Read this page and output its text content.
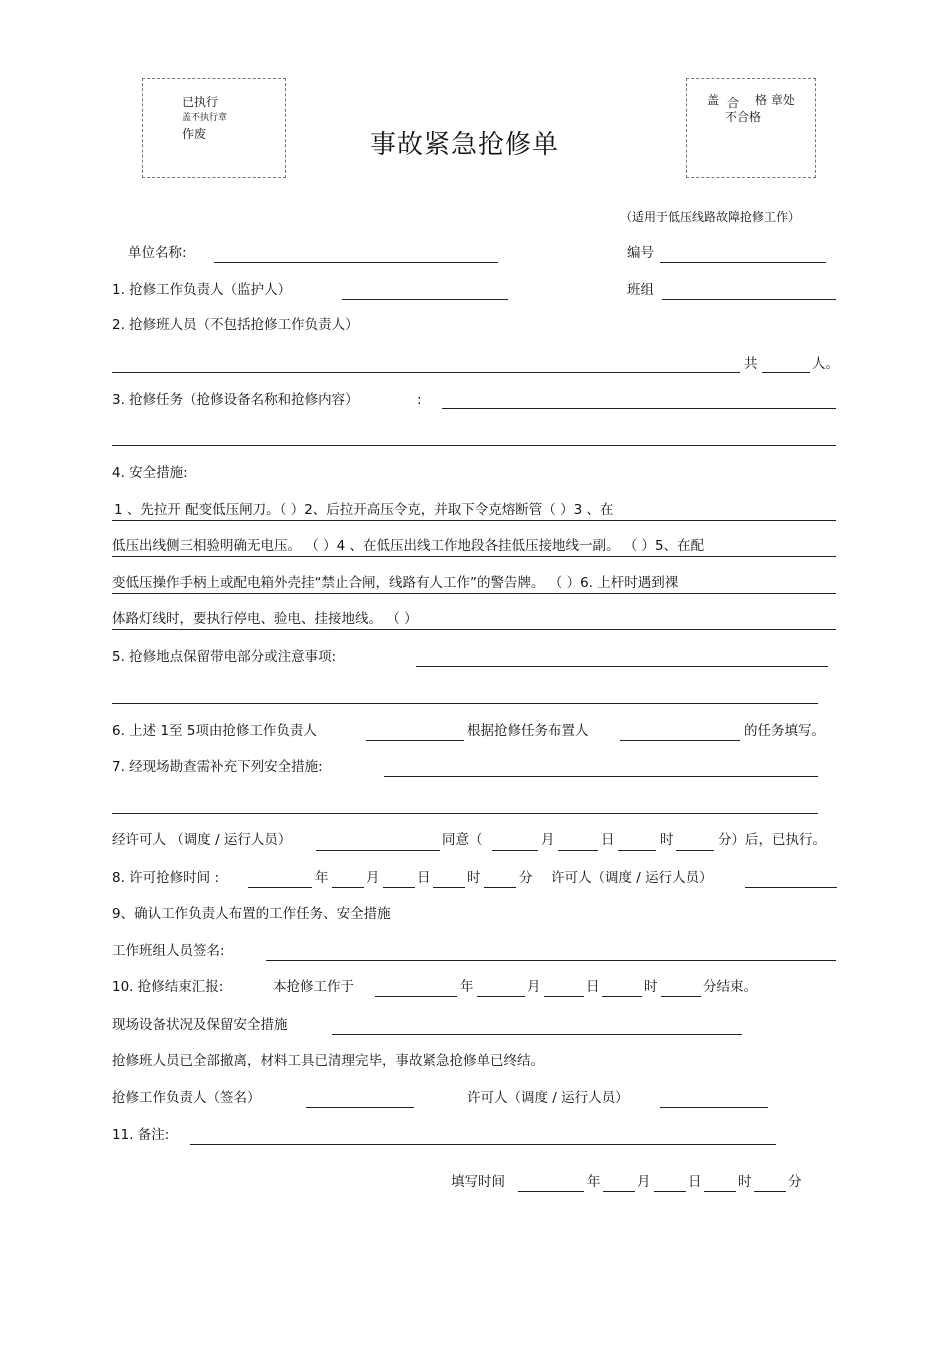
已执行
盖不执行章
作废
盖 合 格 章处
不合格
事故紧急抢修单
（适用于低压线路故障抢修工作）
单位名称:	编号
1. 抢修工作负责人（监护人）	班组
2. 抢修班人员（不包括抢修工作负责人）
共	人。
3. 抢修任务（抢修设备名称和抢修内容）	:
4. 安全措施:
1 、先拉开 配变低压闸刀。（ ）2、后拉开高压令克，并取下令克熔断管（ ）3 、在
低压出线侧三相验明确无电压。 （ ）4 、在低压出线工作地段各挂低压接地线一副。 （ ）5、在配
变低压操作手柄上或配电箱外壳挂“禁止合闸，线路有人工作”的警告牌。 （ ）6. 上杆时遇到裸
体路灯线时，要执行停电、验电、挂接地线。 （ ）
5. 抢修地点保留带电部分或注意事项:
6. 上述 1至 5项由抢修工作负责人	根据抢修任务布置人	的任务填写。
7. 经现场勘查需补充下列安全措施:
经许可人 （调度 / 运行人员）	同意（	月	日	时	分）后，已执行。
8. 许可抢修时间 :	年	月	日	时	分 许可人（调度 / 运行人员）
9、确认工作负责人布置的工作任务、安全措施
工作班组人员签名:
10. 抢修结束汇报:	本抢修工作于	年	月	日	时	分结束。
现场设备状况及保留安全措施
抢修班人员已全部撤离，材料工具已清理完毕，事故紧急抢修单已终结。
抢修工作负责人（签名）	许可人（调度 / 运行人员）
11. 备注:
填写时间	年	月	日	时	分
